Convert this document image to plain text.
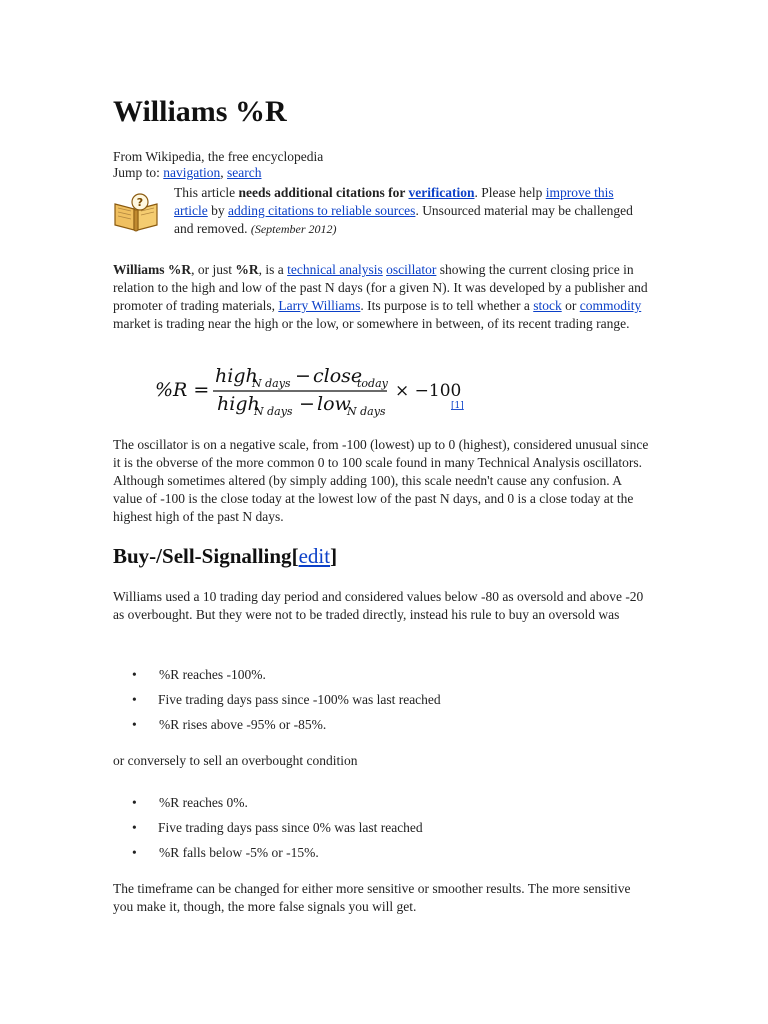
Williams %R
From Wikipedia, the free encyclopedia
Jump to: navigation, search
?
This article needs additional citations for verification. Please help improve this article by adding citations to reliable sources. Unsourced material may be challenged and removed. (September 2012)

Williams %R, or just %R, is a technical analysis oscillator showing the current closing price in relation to the high and low of the past N days (for a given N). It was developed by a publisher and promoter of trading materials, Larry Williams. Its purpose is to tell whether a stock or commodity market is trading near the high or the low, or somewhere in between, of its recent trading range.

%R =
high
N days − close
today
high
N days − low
N days
× −100
[1]

The oscillator is on a negative scale, from -100 (lowest) up to 0 (highest), considered unusual since it is the obverse of the more common 0 to 100 scale found in many Technical Analysis oscillators. Although sometimes altered (by simply adding 100), this scale needn't cause any confusion. A value of -100 is the close today at the lowest low of the past N days, and 0 is a close today at the highest high of the past N days.

Buy-/Sell-Signalling[edit]

Williams used a 10 trading day period and considered values below -80 as oversold and above -20 as overbought. But they were not to be traded directly, instead his rule to buy an oversold was

• %R reaches -100%.
• Five trading days pass since -100% was last reached
• %R rises above -95% or -85%.

or conversely to sell an overbought condition

• %R reaches 0%.
• Five trading days pass since 0% was last reached
• %R falls below -5% or -15%.

The timeframe can be changed for either more sensitive or smoother results. The more sensitive you make it, though, the more false signals you will get.
